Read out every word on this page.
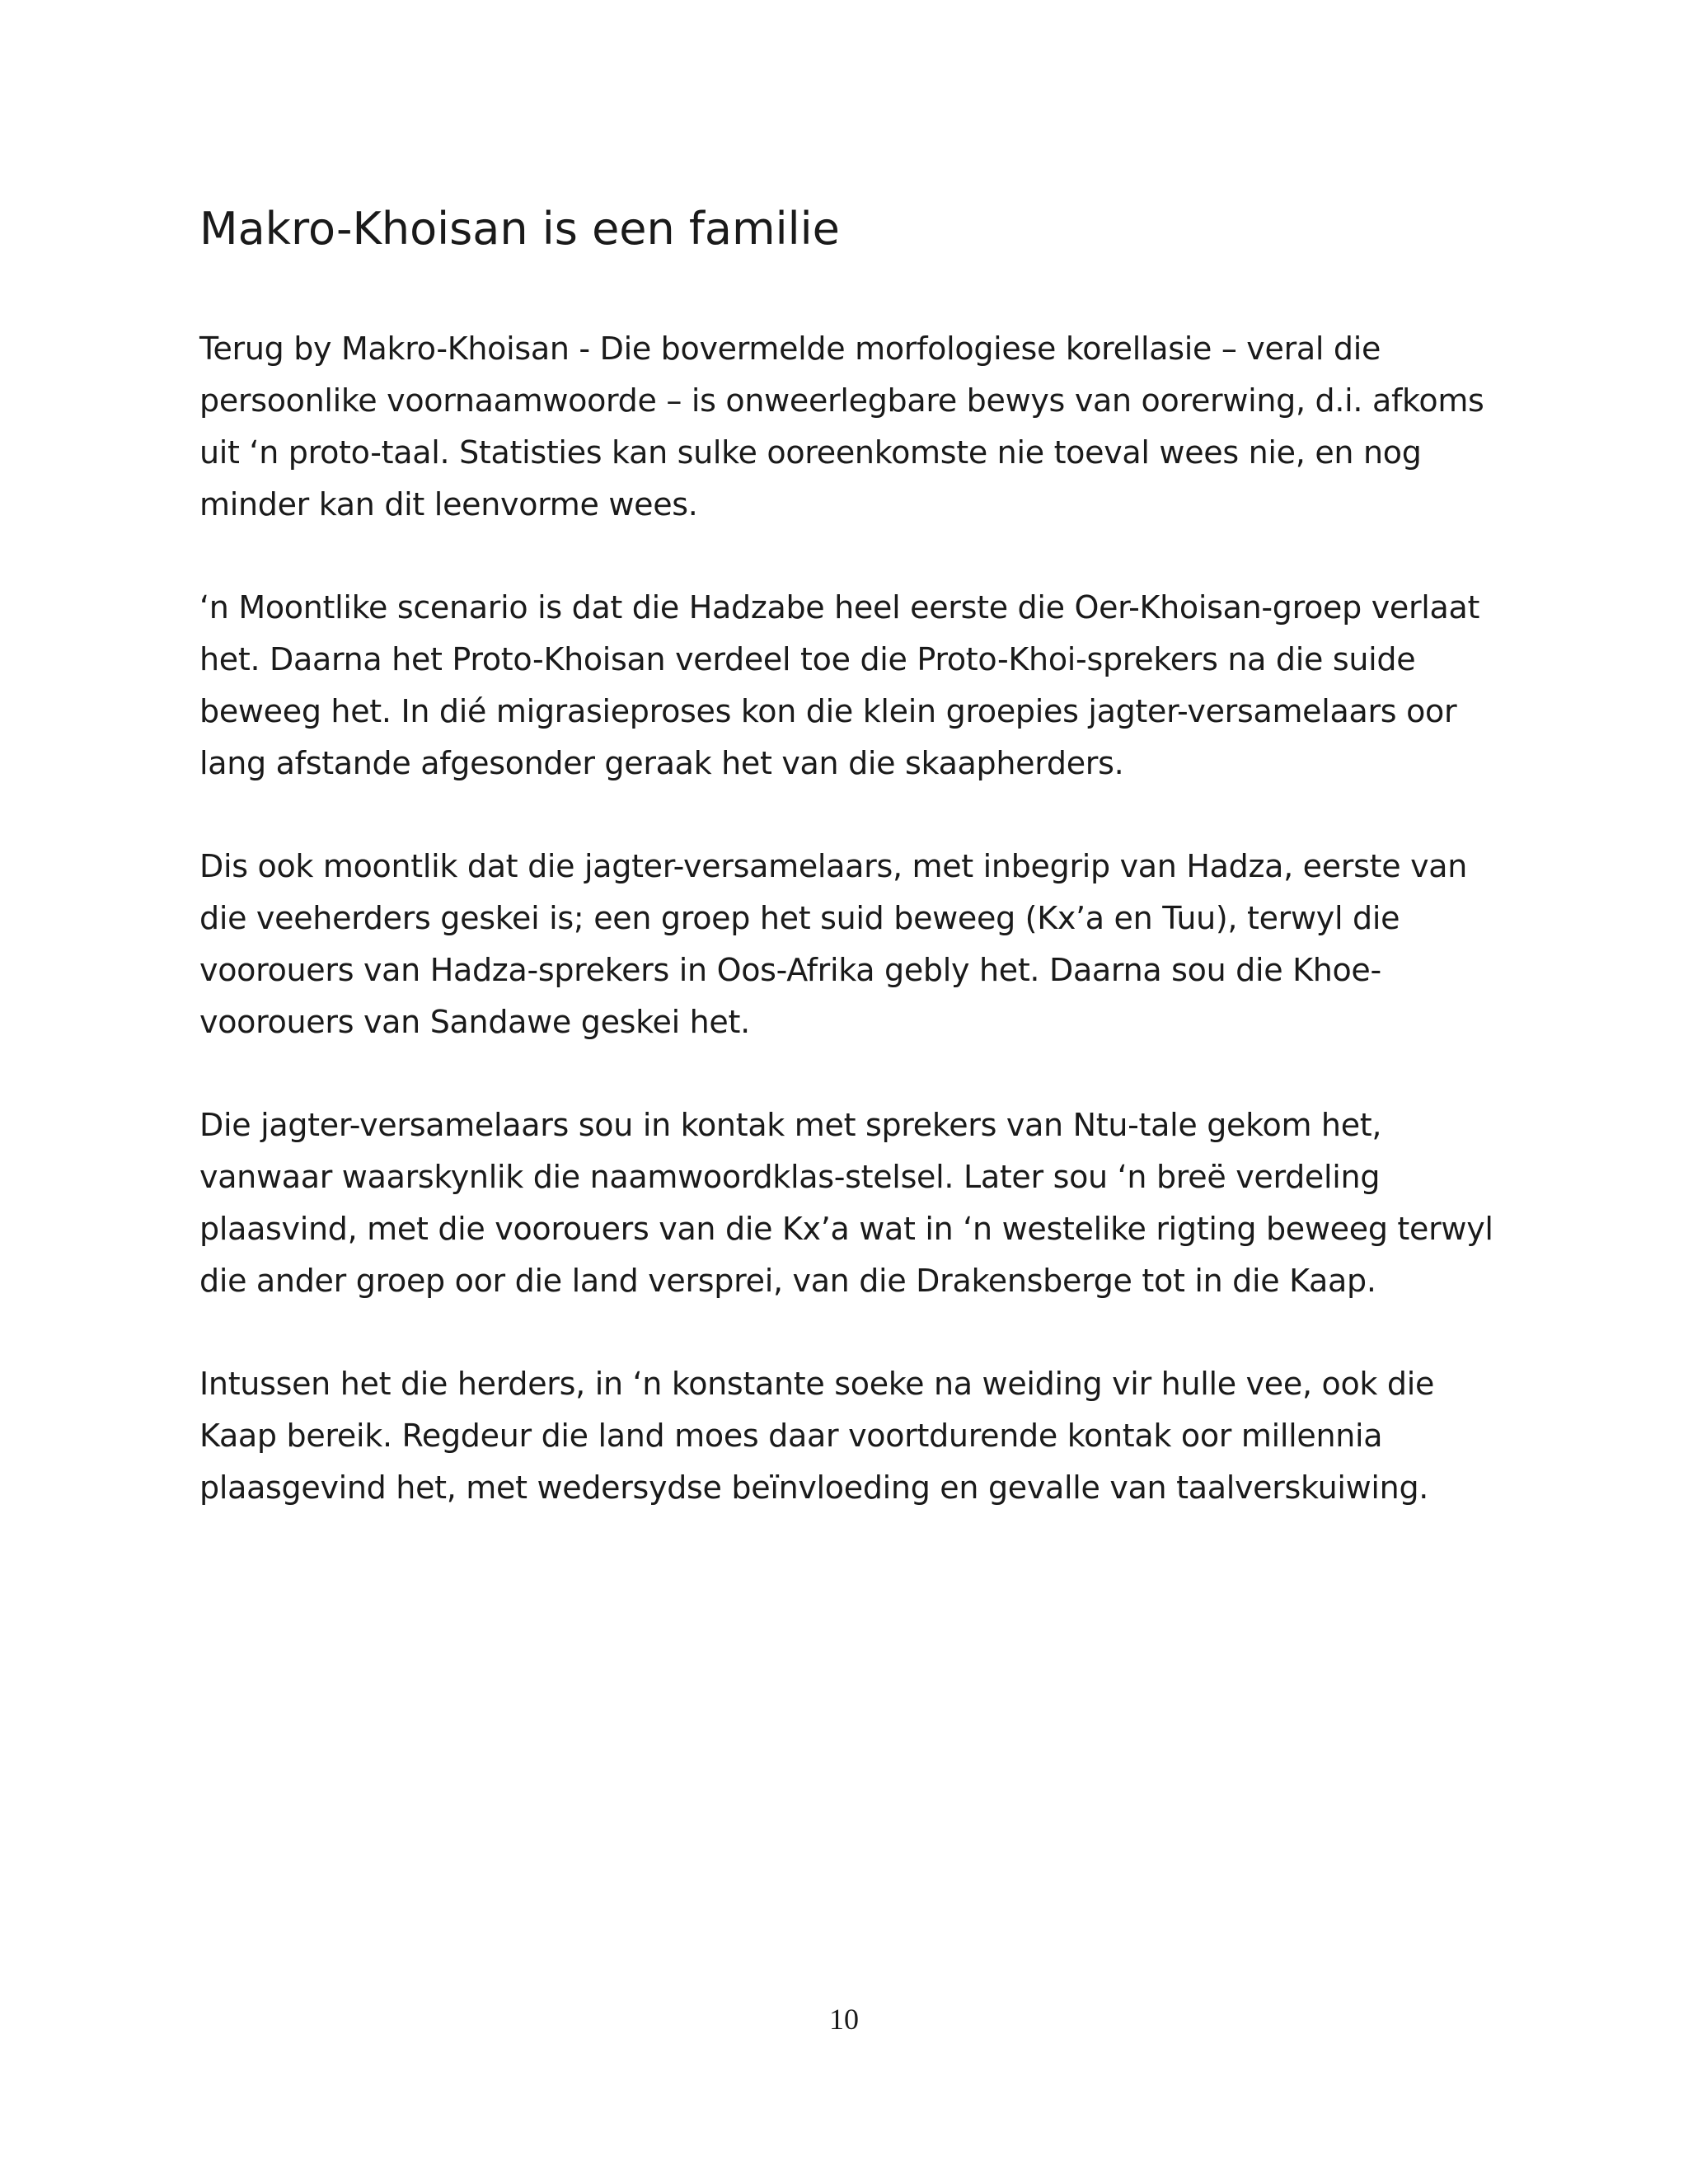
Makro-Khoisan is een familie

Terug by Makro-Khoisan - Die bovermelde morfologiese korellasie – veral die
persoonlike voornaamwoorde – is onweerlegbare bewys van oorerwing, d.i. afkoms
uit ‘n proto-taal. Statisties kan sulke ooreenkomste nie toeval wees nie, en nog
minder kan dit leenvorme wees.

‘n Moontlike scenario is dat die Hadzabe heel eerste die Oer-Khoisan-groep verlaat
het. Daarna het Proto-Khoisan verdeel toe die Proto-Khoi-sprekers na die suide
beweeg het. In dié migrasieproses kon die klein groepies jagter-versamelaars oor
lang afstande afgesonder geraak het van die skaapherders.

Dis ook moontlik dat die jagter-versamelaars, met inbegrip van Hadza, eerste van
die veeherders geskei is; een groep het suid beweeg (Kx’a en Tuu), terwyl die
voorouers van Hadza-sprekers in Oos-Afrika gebly het. Daarna sou die Khoe-
voorouers van Sandawe geskei het.

Die jagter-versamelaars sou in kontak met sprekers van Ntu-tale gekom het,
vanwaar waarskynlik die naamwoordklas-stelsel. Later sou ‘n breë verdeling
plaasvind, met die voorouers van die Kx’a wat in ‘n westelike rigting beweeg terwyl
die ander groep oor die land versprei, van die Drakensberge tot in die Kaap.

Intussen het die herders, in ‘n konstante soeke na weiding vir hulle vee, ook die
Kaap bereik. Regdeur die land moes daar voortdurende kontak oor millennia
plaasgevind het, met wedersydse beïnvloeding en gevalle van taalverskuiwing.

10
